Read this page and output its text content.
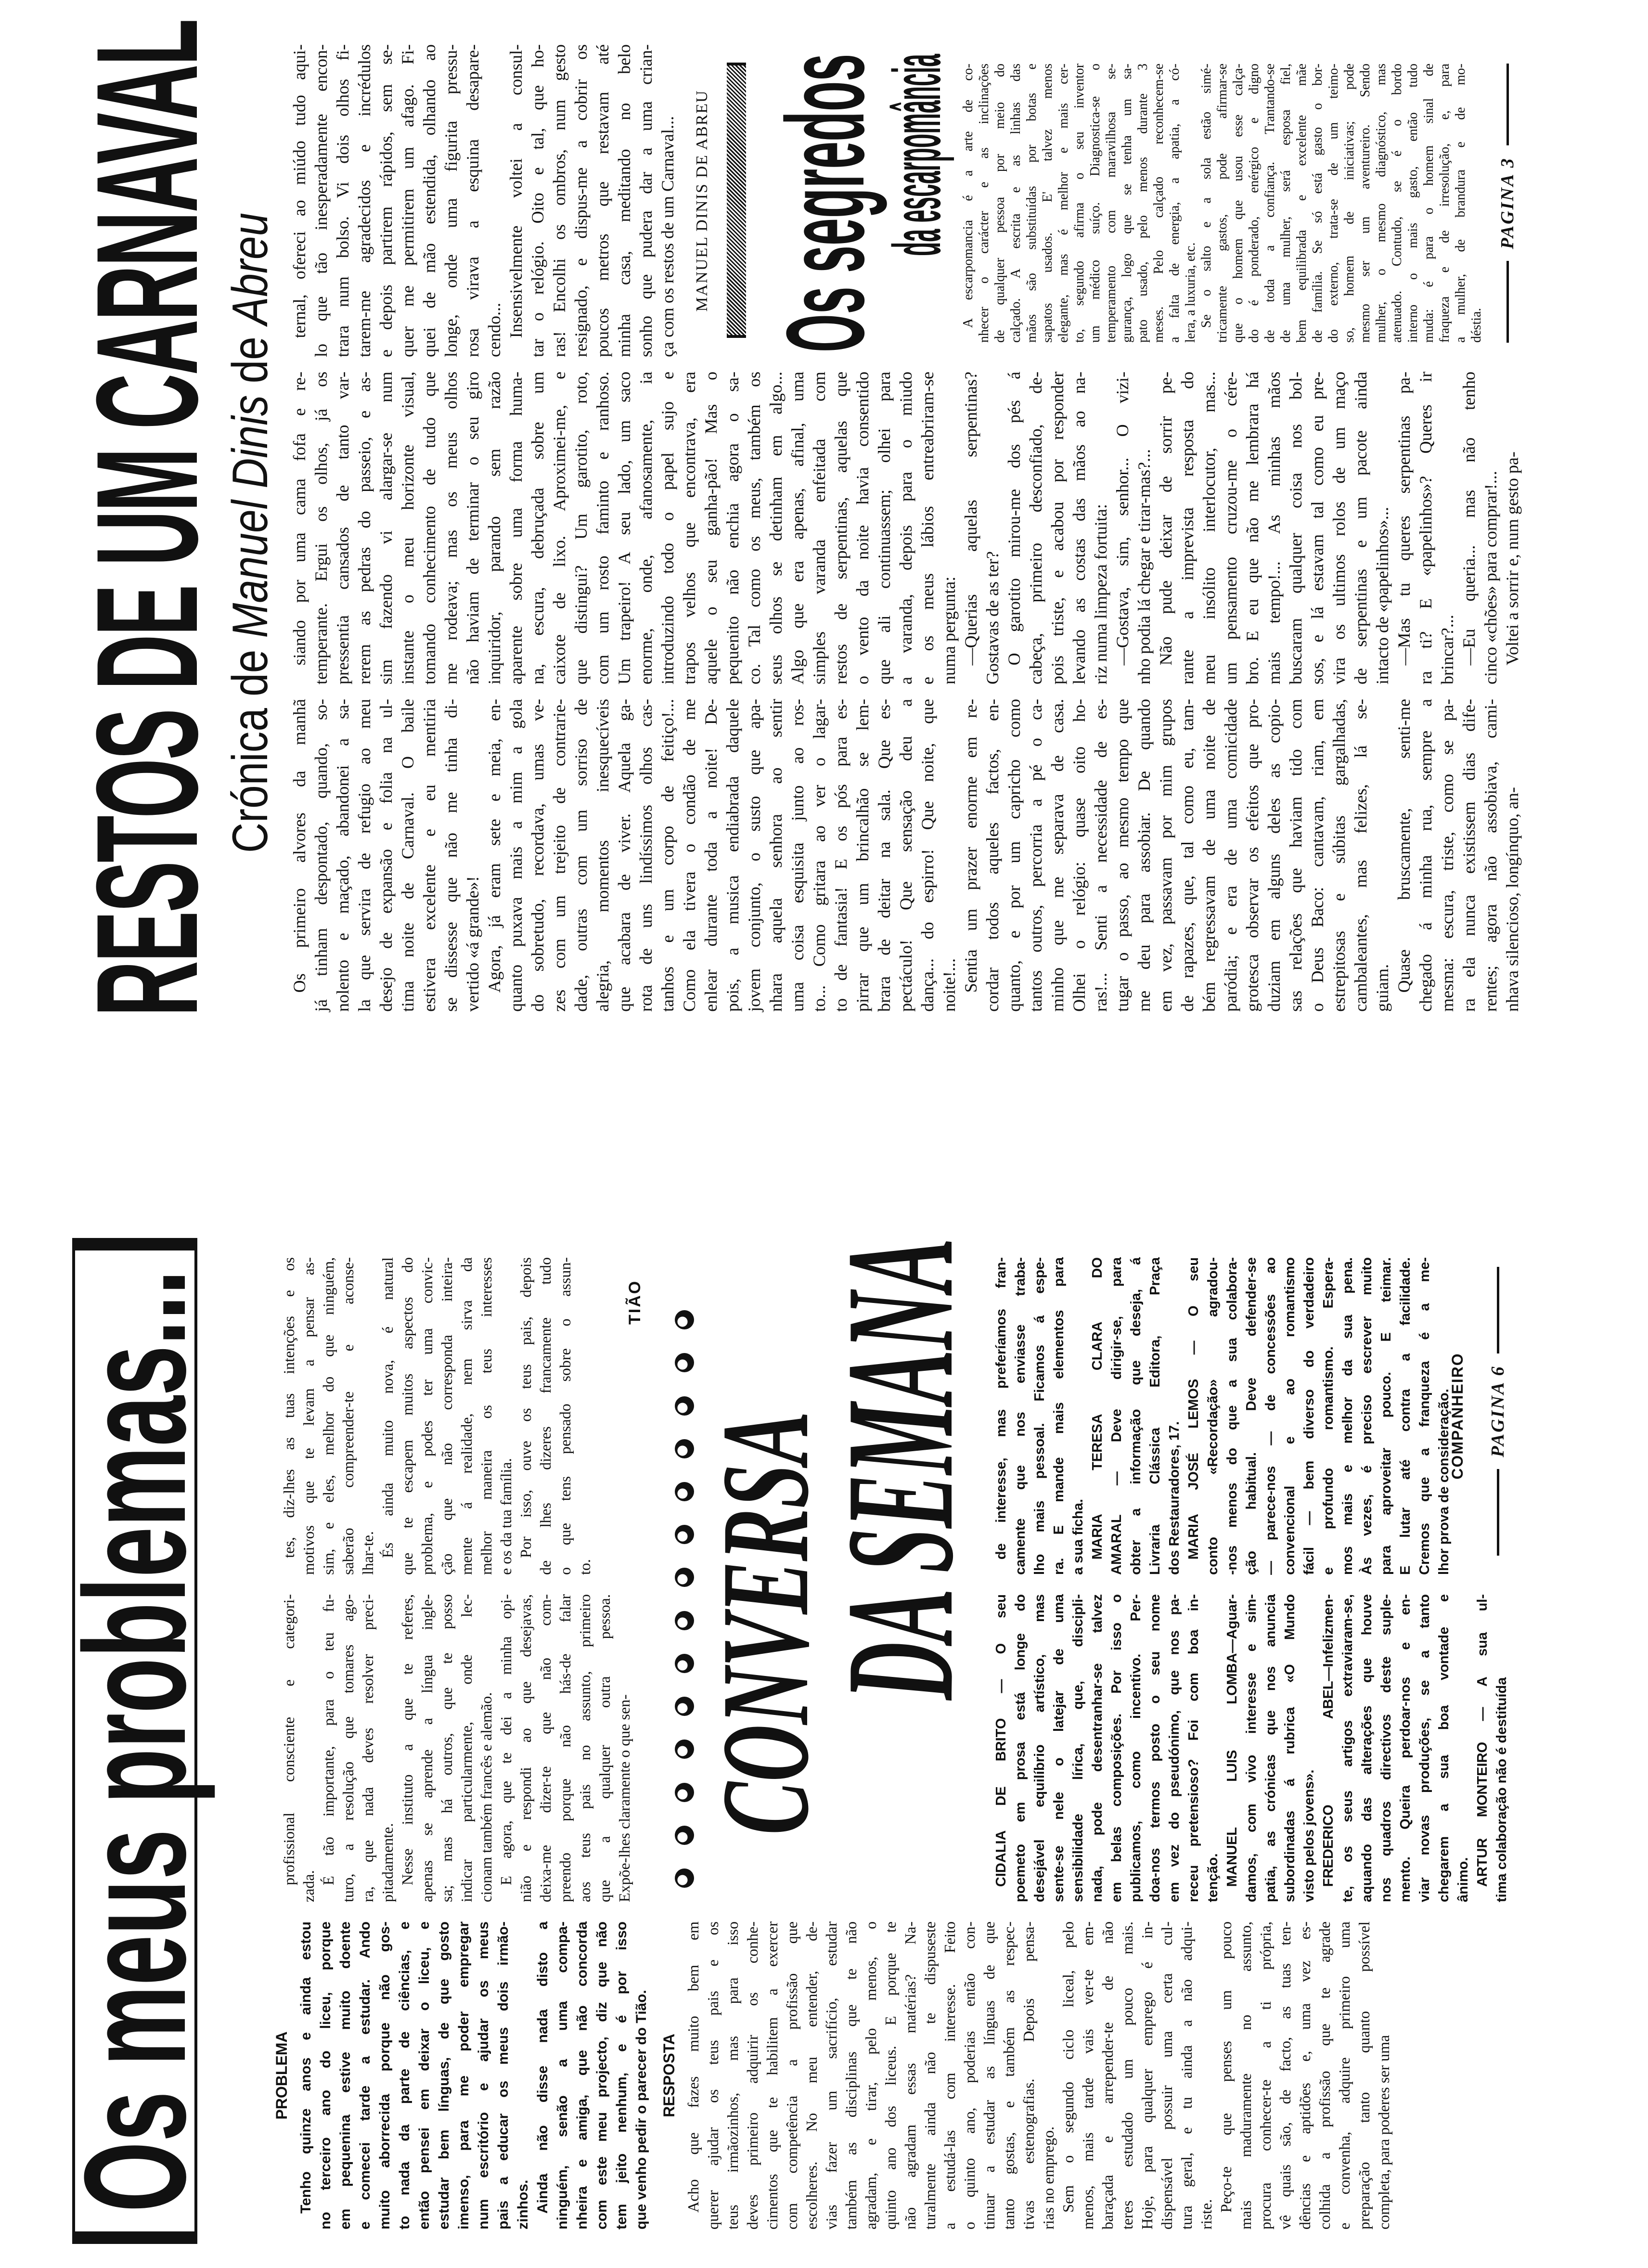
Os meus problemas...	PROBLEMA Tenho quinze anos e ainda estou no terceiro ano do liceu, porque em pequenina estive muito doente e comecei tarde a estudar. Ando muito aborrecida porque não gos- to nada da parte de ciências, e então pensei em deixar o liceu, e estudar bem línguas, de que gosto imenso, para me poder empregar num escritório e ajudar os meus pais a educar os meus dois irmão- zinhos. Ainda não disse nada disto a ninguém, senão a uma compa- nheira e amiga, que não concorda com este meu projecto, diz que não tem jeito nenhum, e é por isso que venho pedir o parecer do Tião. RESPOSTA Acho que fazes muito bem em querer ajudar os teus pais e os teus irmãozinhos, mas para isso deves primeiro adquirir os conhe- cimentos que te habilitem a exercer com competência a profissão que escolheres. No meu entender, de- vias fazer um sacrifício, estudar também as disciplinas que te não agradam, e tirar, pelo menos, o quinto ano dos liceus. E porque te não agradam essas matérias? Na- turalmente ainda não te dispuseste a estudá-las com interesse. Feito o quinto ano, poderias então con- tinuar a estudar as línguas de que tanto gostas, e também as respec- tivas estenografias. Depois pensa- rias no emprego. Sem o segundo ciclo liceal, pelo menos, mais tarde vais ver-te em- baraçada e arrepender-te de não teres estudado um pouco mais. Hoje, para qualquer emprego é in- dispensável possuir uma certa cul- tura geral, e tu ainda a não adqui- riste.
Peço-te que penses um pouco mais maduramente no assunto, procura conhecer-te a ti própria, vê quais são, de facto, as tuas ten- dências e aptidões e, uma vez es- colhida a profissão que te agrade e convenha, adquire primeiro uma preparação tanto quanto possível completa, para poderes ser uma
profissional consciente e categori-
zada.
É tão importante, para o teu fu- turo, a resolução que tomares ago- ra, que nada deves resolver preci- pitadamente. Nesse instituto a que te referes, apenas se aprende a língua ingle- sa; mas há outros, que te posso indicar particularmente, onde lec- cionam também francês e alemão. E agora, que te dei a minha opi- nião e respondi ao que desejavas, deixa-me dizer-te que não com- preendo porque não hás-de falar aos teus pais no assunto, primeiro que a qualquer outra pessoa. Expõe-lhes claramente o que sen-
tes, diz-lhes as tuas intenções e os motivos que te levam a pensar as- sim, e eles, melhor do que ninguém, saberão compreender-te e aconse- lhar-te. És ainda muito nova, é natural que te escapem muitos aspectos do problema, e podes ter uma convic- ção que não corresponda inteira- mente á realidade, nem sirva da melhor maneira os teus interesses e os da tua família. Por isso, ouve os teus pais, depois de lhes dizeres francamente tudo o que tens pensado sobre o assun- to.
TIÃO
CONVERSA
DA SEMANA
CIDALIA DE BRITO — O seu poemeto em prosa está longe do desejável equilíbrio artístico, mas sente-se nele o latejar de uma sensibilidade lírica, que, discipli- nada, pode desentranhar-se talvez em belas composições. Por isso o publicamos, como incentivo. Per- doa-nos termos posto o seu nome em vez do pseudónimo, que nos pa- receu pretensioso? Foi com boa in- tenção. MANUEL LUIS LOMBA—Aguar- damos, com vivo interesse e sim- patia, as crónicas que nos anuncia subordinadas á rubrica «O Mundo visto pelos jovens». FREDERICO ABEL—Infelizmen- te, os seus artigos extraviaram-se, aquando das alterações que houve nos quadros directivos deste suple- mento. Queira perdoar-nos e en- viar novas produções, se a tanto chegarem a sua boa vontade e ânimo. ARTUR MONTEIRO — A sua ul- tima colaboração não é destituída
de interesse, mas preferíamos fran- camente que nos enviasse traba- lho mais pessoal. Ficamos á espe- ra. E mande mais elementos para a sua ficha. MARIA TERESA CLARA DO AMARAL — Deve dirigir-se, para obter a informação que deseja, á Livraria Clássica Editora, Praça dos Restauradores, 17. MARIA JOSÉ LEMOS — O seu conto «Recordação» agradou- -nos menos do que a sua colabora- ção habitual. Deve defender-se — parece-nos — de concessões ao convencional e ao romantismo fácil — bem diverso do verdadeiro e profundo romantismo. Espera- mos mais e melhor da sua pena. Às vezes, é preciso escrever muito para aproveitar pouco. E teimar. E lutar até contra a facilidade. Cremos que a franqueza é a me- lhor prova de consideração.
COMPANHEIRO PAGINA 6
RESTOS DE UM CARNAVAL
Crónica de Manuel Dinis de Abreu
Os primeiro alvores da manhã já tinham despontado, quando, so- nolento e maçado, abandonei a sa- la que servira de refugio ao meu desejo de expansão e folia na ul- tima noite de Carnaval. O baile estivera excelente e eu mentiria se dissesse que não me tinha di- vertido «á grande»! Agora, já eram sete e meia, en- quanto puxava mais a mim a gola do sobretudo, recordava, umas ve- zes com um trejeito de contrarie- dade, outras com um sorriso de alegria, momentos inesquecíveis que acabara de viver. Aquela ga- rota de uns lindíssimos olhos cas- tanhos e um corpo de feitiço!... Como ela tivera o condão de me enlear durante toda a noite! De- pois, a musica endiabrada daquele jovem conjunto, o susto que apa- nhara aquela senhora ao sentir uma coisa esquisita junto ao ros- to... Como gritara ao ver o lagar- to de fantasia! E os pós para es- pirrar que um brincalhão se lem- brara de deitar na sala. Que es- pectáculo! Que sensação deu a dança... do espirro! Que noite, que noite!... Sentia um prazer enorme em re- cordar todos aqueles factos, en- quanto, e por um capricho como tantos outros, percorria a pé o ca- minho que me separava de casa. Olhei o relógio: quase oito ho- ras!... Senti a necessidade de es- tugar o passo, ao mesmo tempo que me deu para assobiar. De quando em vez, passavam por mim grupos de rapazes, que, tal como eu, tam- bém regressavam de uma noite de paródia; e era de uma comicidade grotesca observar os efeitos que pro- duziam em alguns deles as copio- sas relações que haviam tido com o Deus Baco: cantavam, riam, em estrepitosas e súbitas gargalhadas, cambaleantes, mas felizes, lá se- guiam. Quase bruscamente, senti-me chegado á minha rua, sempre a mesma: escura, triste, como se pa- ra ela nunca existissem dias dife- rentes; agora não assobiava, cami- nhava silencioso, longínquo, an-
siando por uma cama fofa e re- temperante. Ergui os olhos, já os pressentia cansados de tanto var- rerem as pedras do passeio, e as- sim fazendo vi alargar-se num instante o meu horizonte visual, tomando conhecimento de tudo que me rodeava; mas os meus olhos não haviam de terminar o seu giro inquiridor, parando sem razão aparente sobre uma forma huma- na, escura, debruçada sobre um caixote de lixo. Aproximei-me, e que distingui? Um garotito, roto, com um rosto faminto e ranhoso. Um trapeiro! A seu lado, um saco enorme, onde, afanosamente, ia introduzindo todo o papel sujo e trapos velhos que encontrava, era aquele o seu ganha-pão! Mas o pequenito não enchia agora o sa- co. Tal como os meus, também os seus olhos se detinham em algo... Algo que era apenas, afinal, uma simples varanda enfeitada com restos de serpentinas, aquelas que o vento da noite havia consentido que ali continuassem; olhei para a varanda, depois para o miudo e os meus lábios entreabriram-se numa pergunta: —Querias aquelas serpentinas? Gostavas de as ter? O garotito mirou-me dos pés á cabeça, primeiro desconfiado, de- pois triste, e acabou por responder levando as costas das mãos ao na- riz numa limpeza fortuita: —Gostava, sim, senhor... O vizi- nho podia lá chegar e tirar-mas?... Não pude deixar de sorrir pe- rante a imprevista resposta do meu insólito interlocutor, mas... um pensamento cruzou-me o cére- bro. E eu que não me lembrara há mais tempo!... As minhas mãos buscaram qualquer coisa nos bol- sos, e lá estavam tal como eu pre- vira os ultimos rolos de um maço de serpentinas e um pacote ainda intacto de «papelinhos»... —Mas tu queres serpentinas pa- ra ti? E «papelinhos»? Queres ir brincar?... —Eu queria... mas não tenho cinco «chões» para comprar!... Voltei a sorrir e, num gesto pa-
ternal, ofereci ao miúdo tudo aqui- lo que tão inesperadamente encon- trara num bolso. Vi dois olhos fi- tarem-me agradecidos e incrédulos e depois partirem rápidos, sem se- quer me permitirem um afago. Fi- quei de mão estendida, olhando ao longe, onde uma figurita pressu- rosa virava a esquina desapare- cendo... Insensivelmente voltei a consul- tar o relógio. Oito e tal, que ho- ras! Encolhi os ombros, num gesto resignado, e dispus-me a cobrir os poucos metros que restavam até minha casa, meditando no belo sonho que pudera dar a uma crian- ça com os restos de um Carnaval... MANUEL DINIS DE ABREU Os segredos
da escarpomância A escarpomancia é a arte de co- nhecer o carácter e as inclinações de qualquer pessoa por meio do calçado. A escrita e as linhas das mãos são substituídas por botas e sapatos usados. E' talvez menos elegante, mas é melhor e mais cer- to, segundo afirma o seu inventor um médico suíço. Diagnostica-se o temperamento com maravilhosa se- gurança, logo que se tenha um sa- pato usado, pelo menos durante 3 meses. Pelo calçado reconhecem-se a falta de energia, a apatia, a có- lera, a luxuria, etc. Se o salto e a sola estão simé- tricamente gastos, pode afirmar-se que o homem que usou esse calça- do é ponderado, enérgico e digno de toda a confiança. Trantando-se de uma mulher, será esposa fiel, bem equilibrada e excelente mãe de família. Se só está gasto o bor- do externo, trata-se de um teimo- so, homem de iniciativas; pode mesmo ser um aventureiro. Sendo mulher, o mesmo diagnóstico, mas atenuado. Contudo, se é o bordo interno o mais gasto, então tudo muda: é para o homem sinal de fraqueza e de irresolução, e, para a mulher, de brandura e de mo- déstia.
PAGINA 3
